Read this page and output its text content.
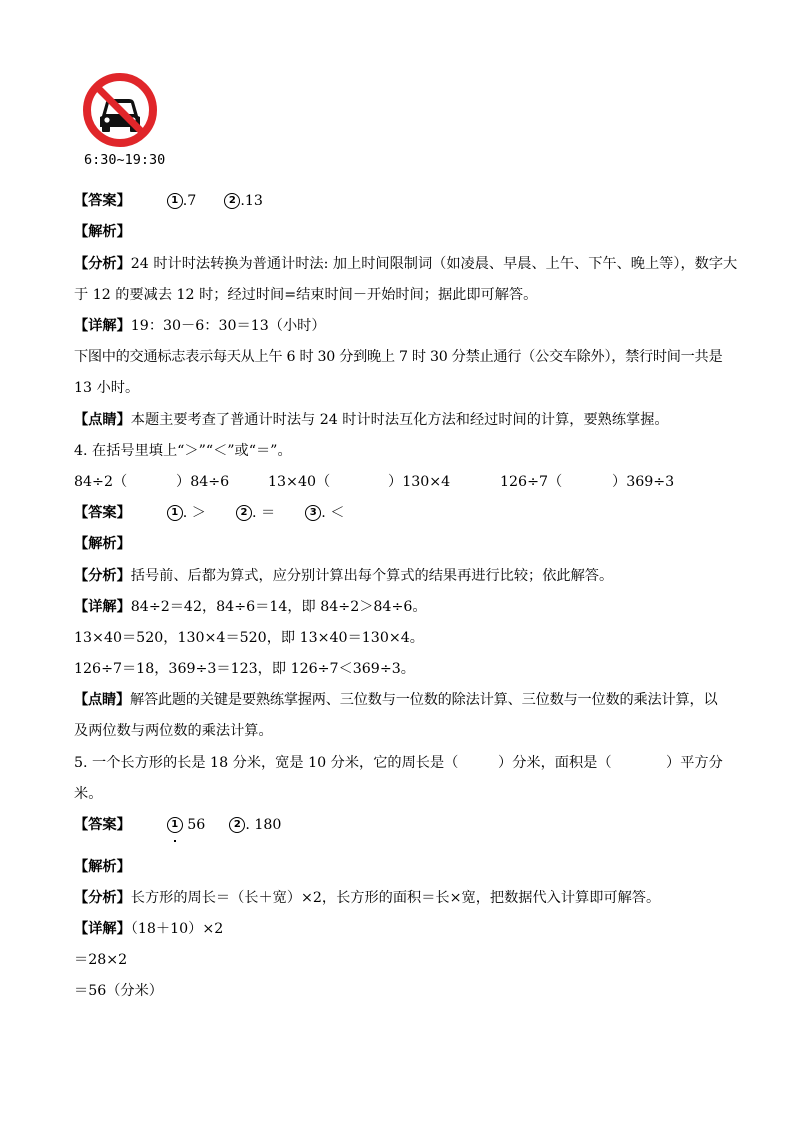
6:30~19:30
【答案】	1 .7	2 .13
【解析】
【分析】24 时计时法转换为普通计时法: 加上时间限制词（如凌晨、早晨、上午、下午、晚上等），数字大
于 12 的要减去 12 时；经过时间=结束时间－开始时间；据此即可解答。
【详解】19：30－6：30＝13（小时）
下图中的交通标志表示每天从上午 6 时 30 分到晚上 7 时 30 分禁止通行（公交车除外），禁行时间一共是
13 小时。
【点睛】本题主要考查了普通计时法与 24 时计时法互化方法和经过时间的计算，要熟练掌握。
4. 在括号里填上“＞”“＜”或“＝”。
84÷2（	）84÷6	13×40（	）130×4	126÷7（	）369÷3
【答案】	1 . ＞	2 . ＝	3 . ＜
【解析】
【分析】括号前、后都为算式，应分别计算出每个算式的结果再进行比较；依此解答。
【详解】84÷2＝42，84÷6＝14，即 84÷2＞84÷6。
13×40＝520，130×4＝520，即 13×40＝130×4。
126÷7＝18，369÷3＝123，即 126÷7＜369÷3。
【点睛】解答此题的关键是要熟练掌握两、三位数与一位数的除法计算、三位数与一位数的乘法计算，以
及两位数与两位数的乘法计算。
5. 一个长方形的长是 18 分米，宽是 10 分米，它的周长是（	）分米，面积是（	）平方分
米。
【答案】	1 56	2 . 180
【解析】
【分析】长方形的周长＝（长＋宽）×2，长方形的面积＝长×宽，把数据代入计算即可解答。
【详解】（18＋10）×2
＝28×2
＝56（分米）
